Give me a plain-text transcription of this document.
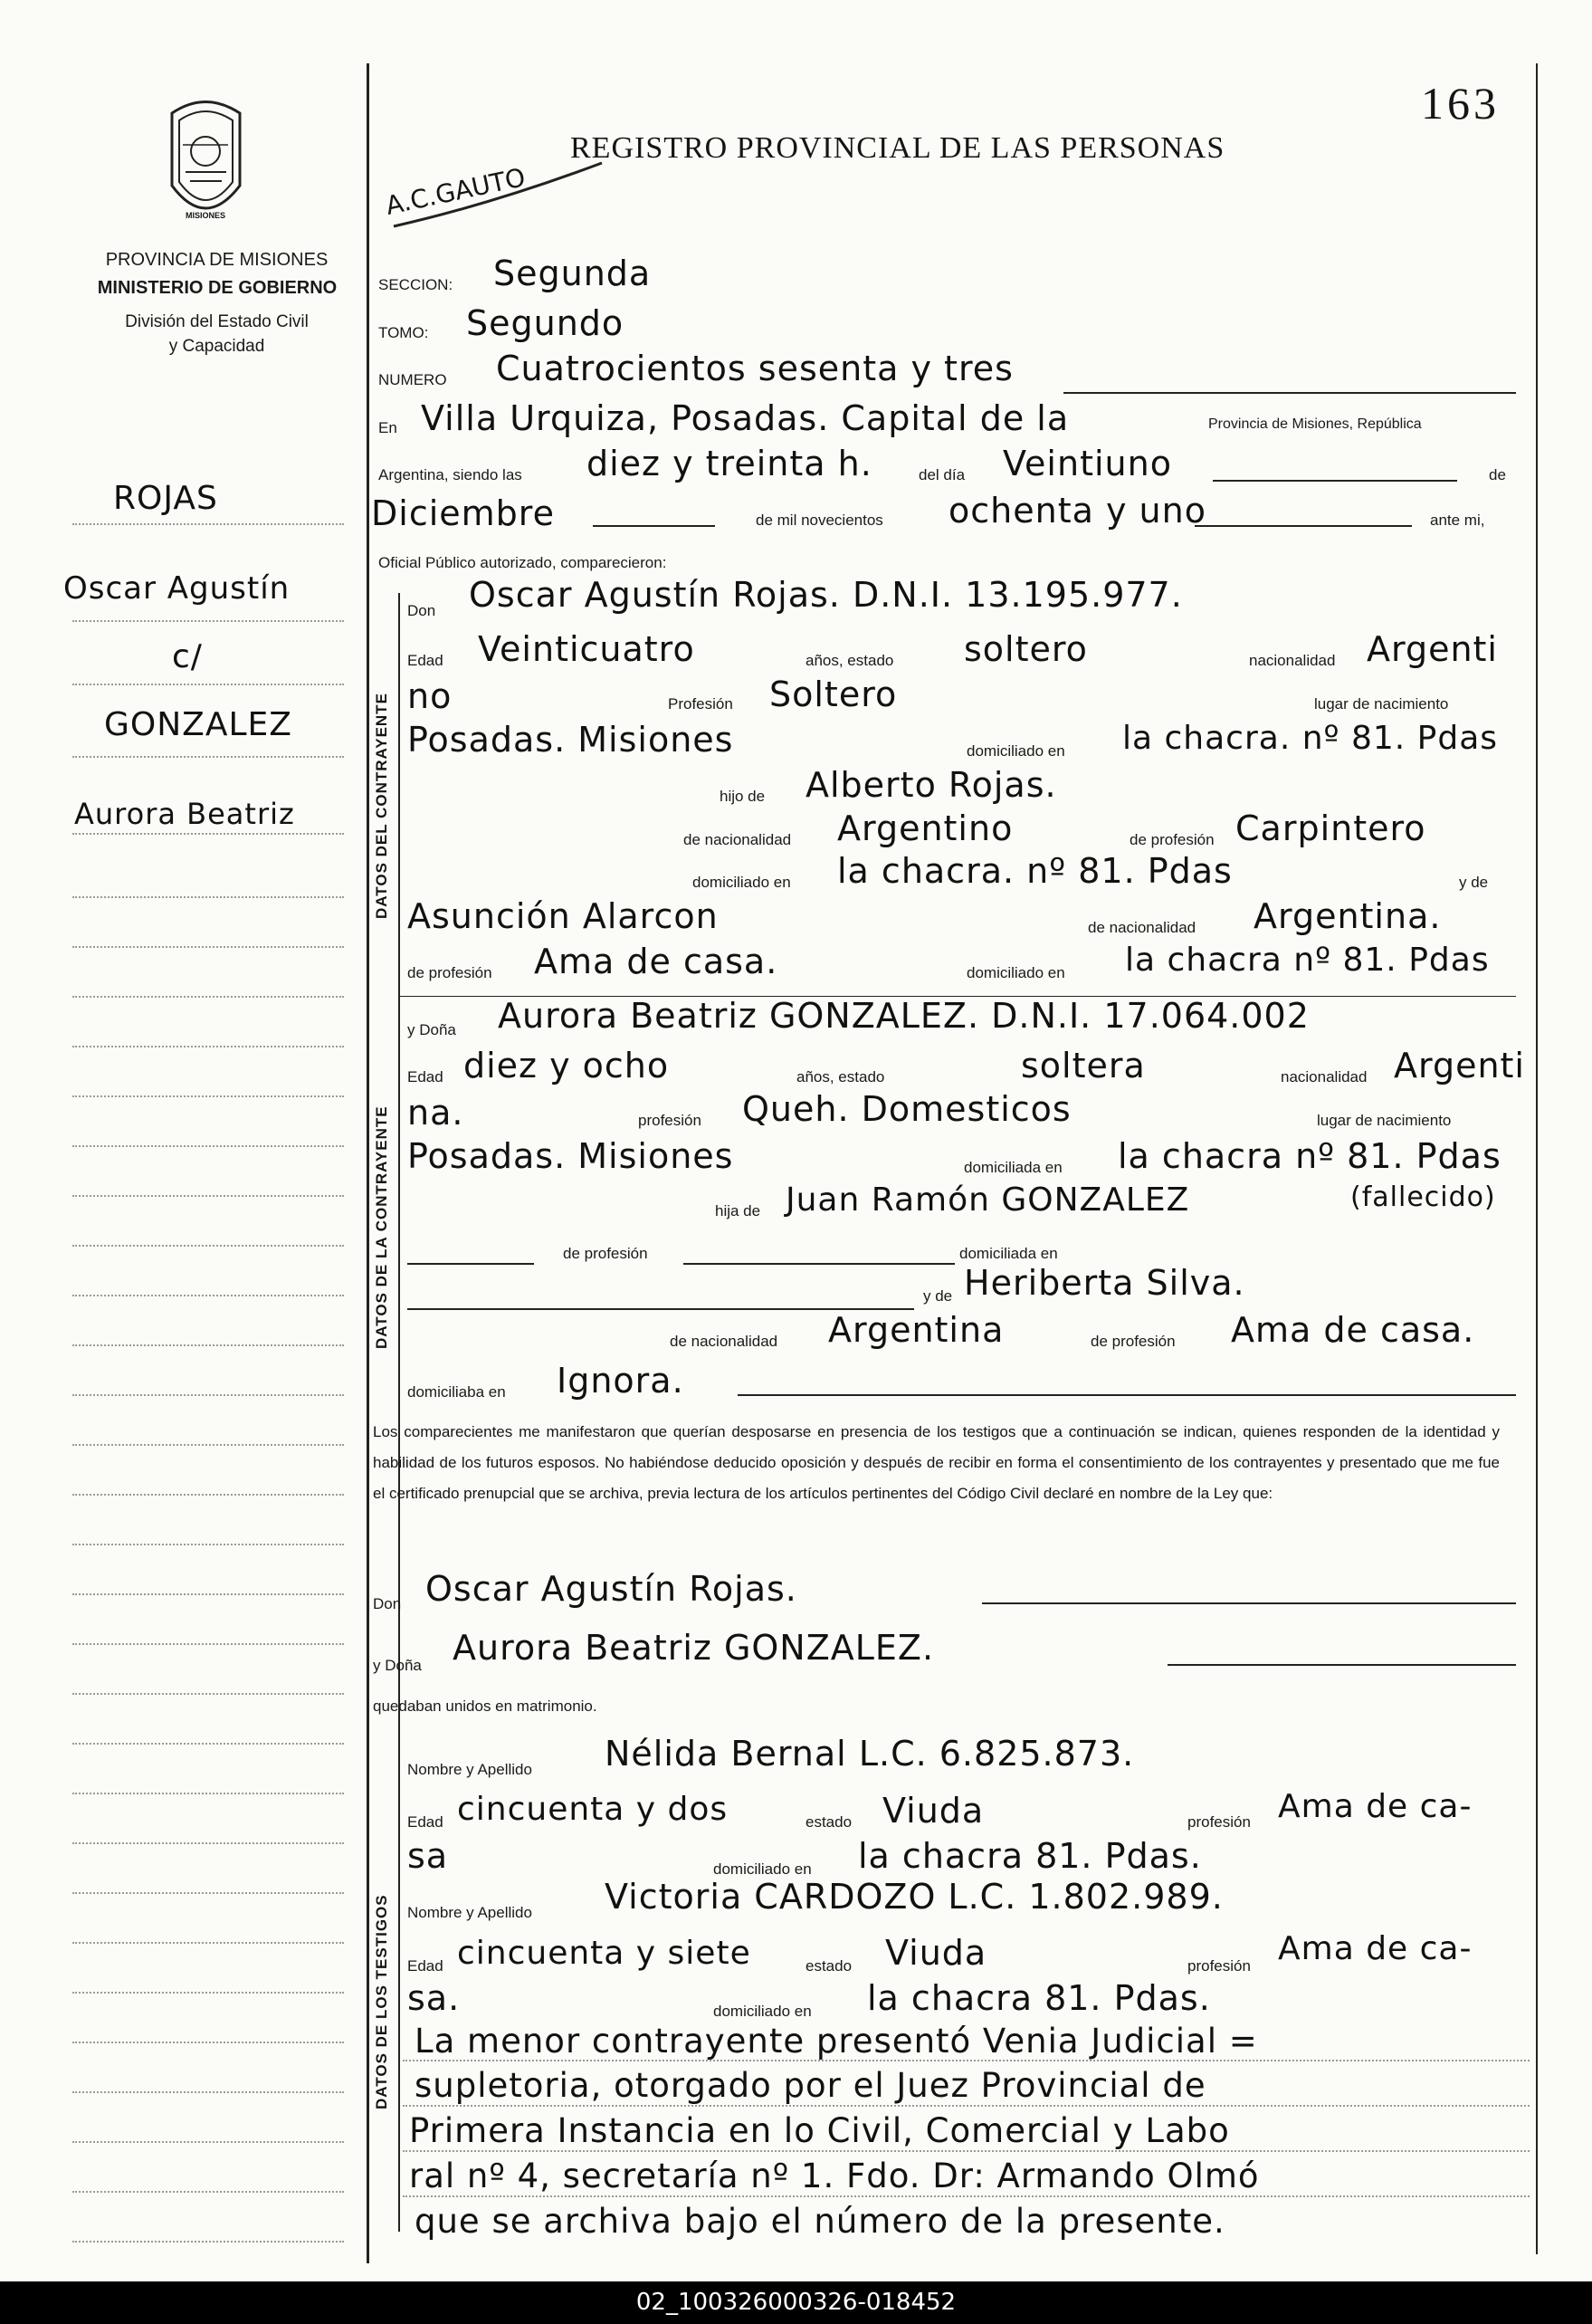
163
MISIONES
PROVINCIA DE MISIONES
MINISTERIO DE GOBIERNO
División del Estado Civil
y Capacidad
REGISTRO PROVINCIAL DE LAS PERSONAS
A.C.GAUTO
ROJAS
Oscar Agustín
c/
GONZALEZ
Aurora Beatriz
SECCION: Segunda
TOMO: Segundo
NUMERO Cuatrocientos sesenta y tres
En Villa Urquiza, Posadas. Capital de la	Provincia de Misiones, República
Argentina, siendo las diez y treinta h.	del día Veintiuno	de
Diciembre	de mil novecientos ochenta y uno	ante mi,
Oficial Público autorizado, comparecieron:
DATOS DEL CONTRAYENTE
Don Oscar Agustín Rojas. D.N.I. 13.195.977.
Edad Veinticuatro	años, estado soltero	nacionalidad Argenti
no	Profesión Soltero	lugar de nacimiento
Posadas. Misiones	domiciliado en la chacra. nº 81. Pdas
hijo de Alberto Rojas.
de nacionalidad Argentino	de profesión Carpintero
domiciliado en la chacra. nº 81. Pdas	y de
Asunción Alarcon	de nacionalidad Argentina.
de profesión Ama de casa.	domiciliado en la chacra nº 81. Pdas
DATOS DE LA CONTRAYENTE
y Doña Aurora Beatriz GONZALEZ. D.N.I. 17.064.002
Edad diez y ocho	años, estado	soltera	nacionalidad Argenti
na.	profesión Queh. Domesticos	lugar de nacimiento
Posadas. Misiones	domiciliada en la chacra nº 81. Pdas
hija de Juan Ramón GONZALEZ	(fallecido)
de profesión	domiciliada en
y de Heriberta Silva.
de nacionalidad Argentina	de profesión Ama de casa.
domiciliaba en Ignora.
Los comparecientes me manifestaron que querían desposarse en presencia de los testigos que a continuación se indican, quienes responden de la identidad y habilidad de los futuros esposos. No habiéndose deducido oposición y después de recibir en forma el consentimiento de los contrayentes y presentado que me fue el certificado prenupcial que se archiva, previa lectura de los artículos pertinentes del Código Civil declaré en nombre de la Ley que:
Don Oscar Agustín Rojas.
y Doña Aurora Beatriz GONZALEZ.
quedaban unidos en matrimonio.
DATOS DE LOS TESTIGOS
Nombre y Apellido Nélida Bernal L.C. 6.825.873.
Edad cincuenta y dos	estado Viuda	profesión Ama de ca-
sa	domiciliado en la chacra 81. Pdas.
Nombre y Apellido Victoria CARDOZO L.C. 1.802.989.
Edad cincuenta y siete	estado Viuda	profesión Ama de ca-
sa.	domiciliado en la chacra 81. Pdas.
La menor contrayente presentó Venia Judicial =
supletoria, otorgado por el Juez Provincial de
Primera Instancia en lo Civil, Comercial y Labo
ral nº 4, secretaría nº 1. Fdo. Dr: Armando Olmó
que se archiva bajo el número de la presente.
02_100326000326-018452
